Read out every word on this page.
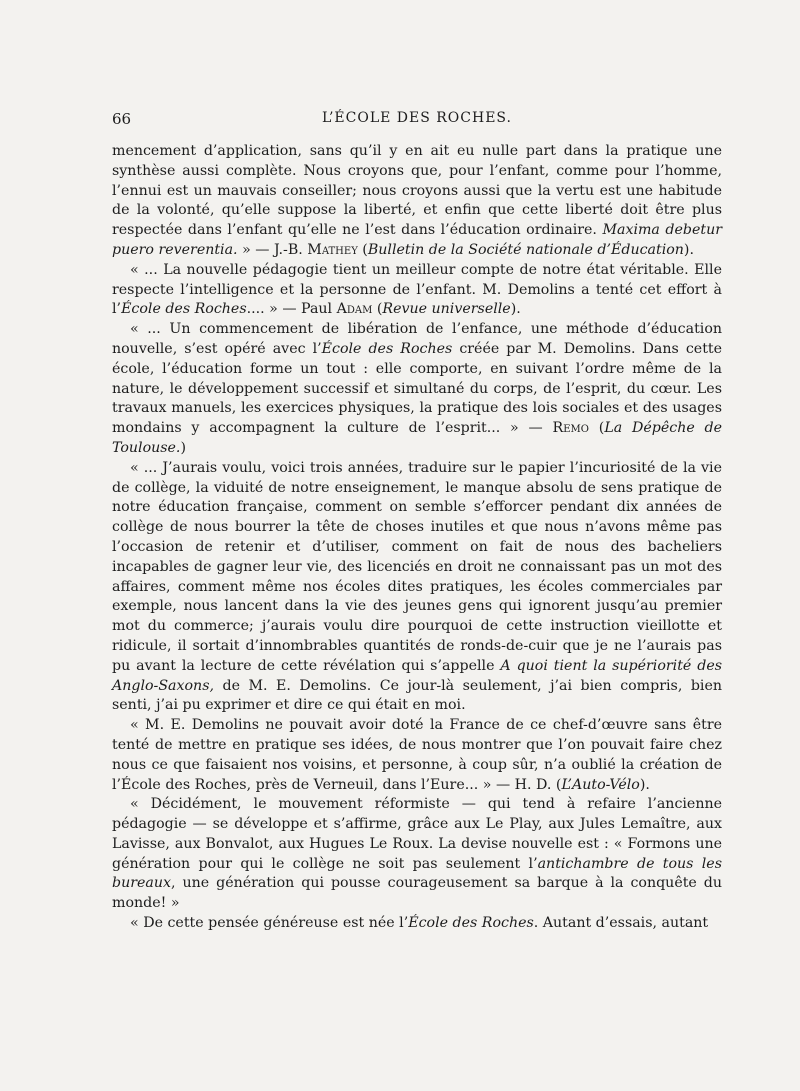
66	L’ÉCOLE DES ROCHES.

mencement d’application, sans qu’il y en ait eu nulle part dans la pratique une synthèse aussi complète. Nous croyons que, pour l’enfant, comme pour l’homme, l’ennui est un mauvais conseiller; nous croyons aussi que la vertu est une habitude de la volonté, qu’elle suppose la liberté, et enfin que cette liberté doit être plus respectée dans l’enfant qu’elle ne l’est dans l’éducation ordinaire. Maxima debetur puero reverentia. » — J.-B. Mathey (Bulletin de la Société nationale d’Éducation).

« ... La nouvelle pédagogie tient un meilleur compte de notre état véritable. Elle respecte l’intelligence et la personne de l’enfant. M. Demolins a tenté cet effort à l’École des Roches.... » — Paul Adam (Revue universelle).

« ... Un commencement de libération de l’enfance, une méthode d’éducation nouvelle, s’est opéré avec l’École des Roches créée par M. Demolins. Dans cette école, l’éducation forme un tout : elle comporte, en suivant l’ordre même de la nature, le développement successif et simultané du corps, de l’esprit, du cœur. Les travaux manuels, les exercices physiques, la pratique des lois sociales et des usages mondains y accompagnent la culture de l’esprit... » — Remo (La Dépêche de Toulouse.)

« ... J’aurais voulu, voici trois années, traduire sur le papier l’incuriosité de la vie de collège, la viduité de notre enseignement, le manque absolu de sens pratique de notre éducation française, comment on semble s’efforcer pendant dix années de collège de nous bourrer la tête de choses inutiles et que nous n’avons même pas l’occasion de retenir et d’utiliser, comment on fait de nous des bacheliers incapables de gagner leur vie, des licenciés en droit ne connaissant pas un mot des affaires, comment même nos écoles dites pratiques, les écoles commerciales par exemple, nous lancent dans la vie des jeunes gens qui ignorent jusqu’au premier mot du commerce; j’aurais voulu dire pourquoi de cette instruction vieillotte et ridicule, il sortait d’innombrables quantités de ronds-de-cuir que je ne l’aurais pas pu avant la lecture de cette révélation qui s’appelle A quoi tient la supériorité des Anglo-Saxons, de M. E. Demolins. Ce jour-là seulement, j’ai bien compris, bien senti, j’ai pu exprimer et dire ce qui était en moi.

« M. E. Demolins ne pouvait avoir doté la France de ce chef-d’œuvre sans être tenté de mettre en pratique ses idées, de nous montrer que l’on pouvait faire chez nous ce que faisaient nos voisins, et personne, à coup sûr, n’a oublié la création de l’École des Roches, près de Verneuil, dans l’Eure... » — H. D. (L’Auto-Vélo).

« Décidément, le mouvement réformiste — qui tend à refaire l’ancienne pédagogie — se développe et s’affirme, grâce aux Le Play, aux Jules Lemaître, aux Lavisse, aux Bonvalot, aux Hugues Le Roux. La devise nouvelle est : « Formons une génération pour qui le collège ne soit pas seulement l’antichambre de tous les bureaux, une génération qui pousse courageusement sa barque à la conquête du monde! »

« De cette pensée généreuse est née l’École des Roches. Autant d’essais, autant
